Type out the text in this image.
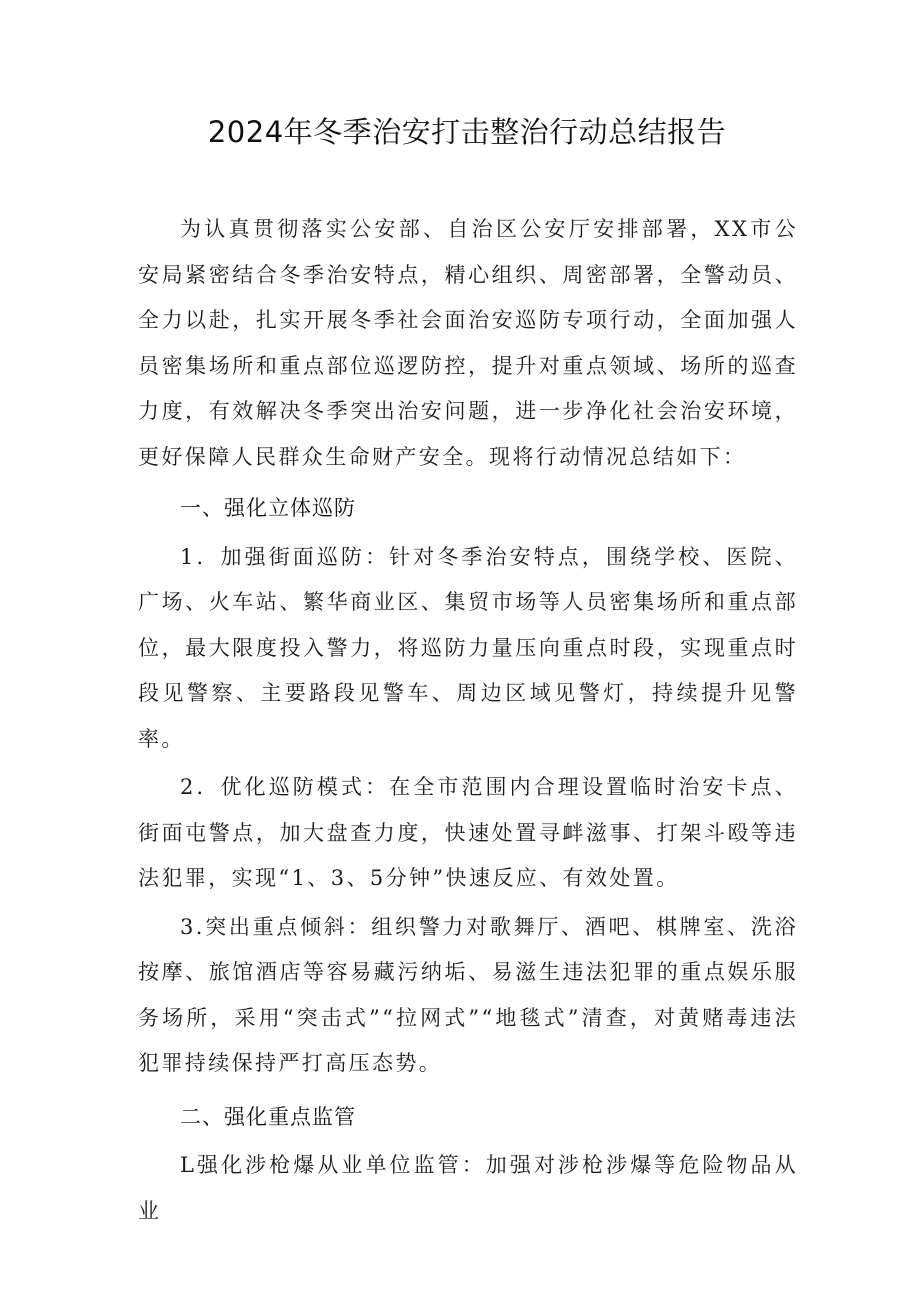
2024年冬季治安打击整治行动总结报告

为认真贯彻落实公安部、自治区公安厅安排部署，XX市公安局紧密结合冬季治安特点，精心组织、周密部署，全警动员、全力以赴，扎实开展冬季社会面治安巡防专项行动，全面加强人员密集场所和重点部位巡逻防控，提升对重点领域、场所的巡查力度，有效解决冬季突出治安问题，进一步净化社会治安环境，更好保障人民群众生命财产安全。现将行动情况总结如下：

一、强化立体巡防

1．加强街面巡防：针对冬季治安特点，围绕学校、医院、广场、火车站、繁华商业区、集贸市场等人员密集场所和重点部位，最大限度投入警力，将巡防力量压向重点时段，实现重点时段见警察、主要路段见警车、周边区域见警灯，持续提升见警率。

2．优化巡防模式：在全市范围内合理设置临时治安卡点、街面屯警点，加大盘查力度，快速处置寻衅滋事、打架斗殴等违法犯罪，实现“1、3、5分钟”快速反应、有效处置。

3.突出重点倾斜：组织警力对歌舞厅、酒吧、棋牌室、洗浴按摩、旅馆酒店等容易藏污纳垢、易滋生违法犯罪的重点娱乐服务场所，采用“突击式”“拉网式”“地毯式”清查，对黄赌毒违法犯罪持续保持严打高压态势。

二、强化重点监管

L强化涉枪爆从业单位监管：加强对涉枪涉爆等危险物品从业
